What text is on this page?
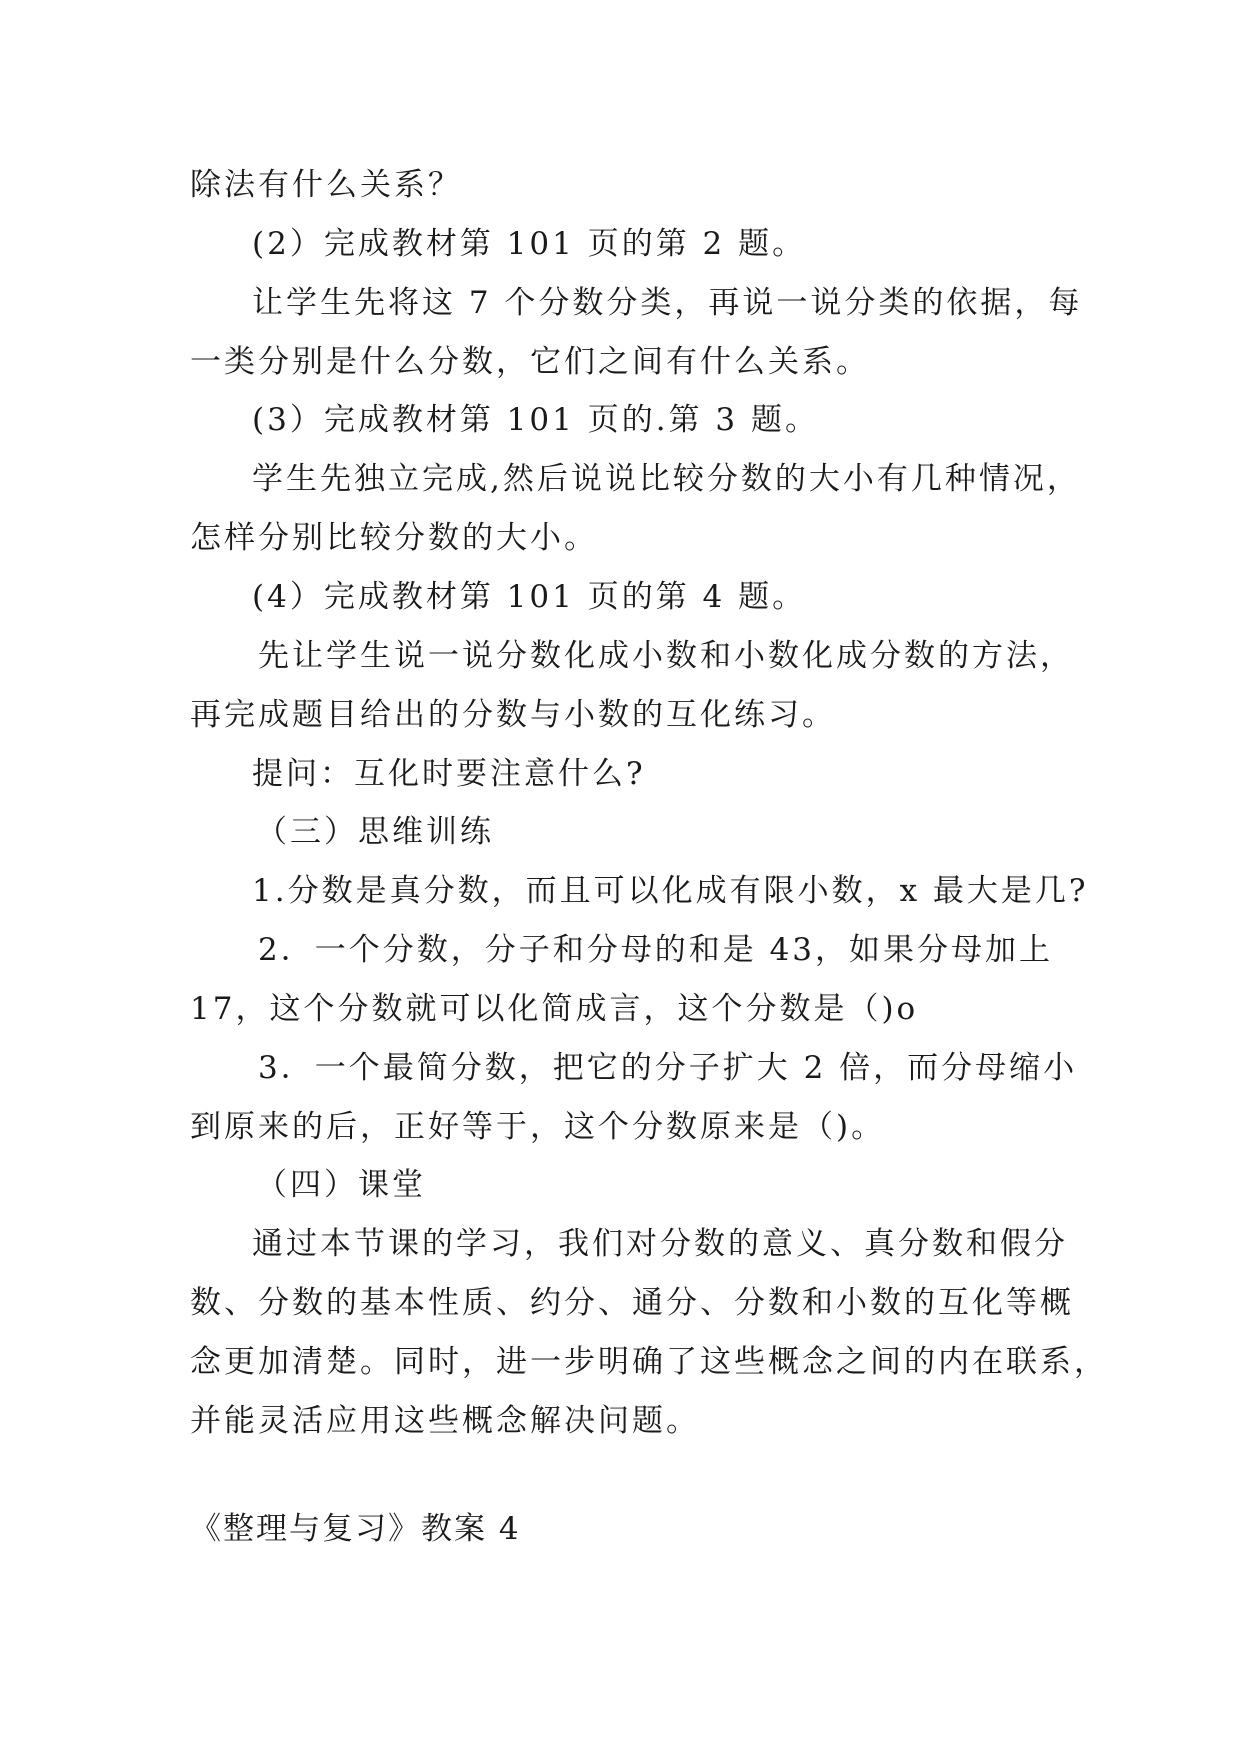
除法有什么关系？
(2）完成教材第 101 页的第 2 题。
让学生先将这 7 个分数分类，再说一说分类的依据，每
一类分别是什么分数，它们之间有什么关系。
(3）完成教材第 101 页的.第 3 题。
学生先独立完成,然后说说比较分数的大小有几种情况，
怎样分别比较分数的大小。
(4）完成教材第 101 页的第 4 题。
先让学生说一说分数化成小数和小数化成分数的方法，
再完成题目给出的分数与小数的互化练习。
提问：互化时要注意什么?
（三）思维训练
1.分数是真分数，而且可以化成有限小数，x 最大是几?
2．一个分数，分子和分母的和是 43，如果分母加上
17，这个分数就可以化简成言，这个分数是（)o
3．一个最简分数，把它的分子扩大 2 倍，而分母缩小
到原来的后，正好等于，这个分数原来是（)。
（四）课堂
通过本节课的学习，我们对分数的意义、真分数和假分
数、分数的基本性质、约分、通分、分数和小数的互化等概
念更加清楚。同时，进一步明确了这些概念之间的内在联系，
并能灵活应用这些概念解决问题。
《整理与复习》教案 4
